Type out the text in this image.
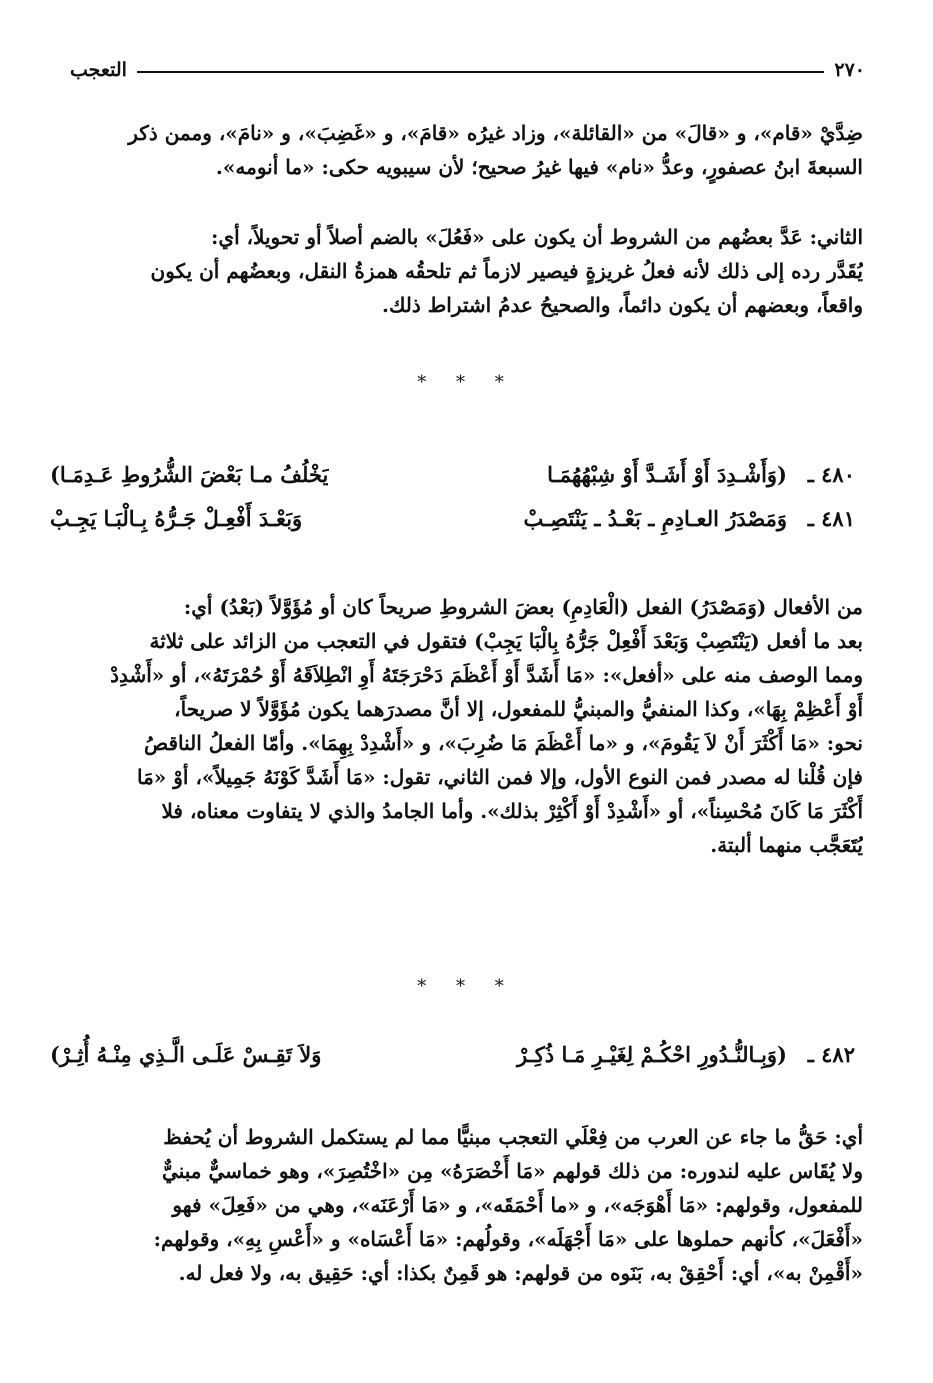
٢٧٠
التعجب
ضِدَّيْ «قام»، و «قالَ» من «القائلة»، وزاد غيرُه «قامَ»، و «غَضِبَ»، و «نامَ»، وممن ذكر
السبعةَ ابنُ عصفورٍ، وعدُّ «نام» فيها غيرُ صحيح؛ لأن سيبويه حكى: «ما أنومه».
الثاني: عَدَّ بعضُهم من الشروط أن يكون على «فَعُلَ» بالضم أصلاً أو تحويلاً، أي:
يُقَدَّر رده إلى ذلك لأنه فعلُ غريزةٍ فيصير لازماً ثم تلحقُه همزةُ النقل، وبعضُهم أن يكون
واقعاً، وبعضهم أن يكون دائماً، والصحيحُ عدمُ اشتراط ذلك.
* * *
٤٨٠ ـ
(وَأَشْـدِدَ أَوْ أَشَـدَّ أَوْ شِبْهُهُمَـا
يَخْلُفُ مـا بَعْضَ الشُّرُوطِ عَـدِمَـا)
٤٨١ ـ
وَمَصْدَرُ العـادِمِ ـ بَعْـدُ ـ يَنْتَصِـبْ
وَبَعْـدَ أَفْعِـلْ جَـرُّهُ بِـالْبَـا يَجِـبْ
من الأفعال (وَمَصْدَرُ) الفعل (الْعَادِمِ) بعضَ الشروطِ صريحاً كان أو مُؤَوَّلاً (بَعْدُ) أي:
بعد ما أفعل (يَنْتَصِبْ وَبَعْدَ أَفْعِلْ جَرُّهُ بِالْبَا يَجِبْ) فتقول في التعجب من الزائد على ثلاثة
ومما الوصف منه على «أفعل»: «مَا أَشَدَّ أَوْ أَعْظَمَ دَحْرَجَتَهُ أَوِ انْطِلاَقَهُ أَوْ حُمْرَتَهُ»، أو «أَشْدِدْ
أَوْ أَعْظِمْ بِهَا»، وكذا المنفيُّ والمبنيُّ للمفعول، إلا أنَّ مصدرَهما يكون مُؤَوَّلاً لا صريحاً،
نحو: «مَا أَكْثَرَ أَنْ لاَ يَقُومَ»، و «ما أَعْظَمَ مَا ضُرِبَ»، و «أَشْدِدْ بِهِمَا». وأمّا الفعلُ الناقصُ
فإن قُلْنا له مصدر فمن النوع الأول، وإلا فمن الثاني، تقول: «مَا أَشَدَّ كَوْنَهُ جَمِيلاً»، أوْ «مَا
أَكْثَرَ مَا كَانَ مُحْسِناً»، أو «أَشْدِدْ أَوْ أَكْثِرْ بذلك». وأما الجامدُ والذي لا يتفاوت معناه، فلا
يُتَعَجَّب منهما ألبتة.
* * *
٤٨٢ ـ
(وَبِـالنُّـدُورِ احْكُـمْ لِغَيْـرِ مَـا ذُكِـرْ
وَلاَ تَقِـسْ عَلَـى الَّـذِي مِنْـهُ أُثِـرْ)
أي: حَقُّ ما جاء عن العرب من فِعْلَي التعجب مبنيًّا مما لم يستكمل الشروط أن يُحفظ
ولا يُقَاس عليه لندوره: من ذلك قولهم «مَا أَخْصَرَهُ» مِن «اخْتُصِرَ»، وهو خماسيٌّ مبنيٌّ
للمفعول، وقولهم: «مَا أَهْوَجَه»، و «ما أَحْمَقَه»، و «مَا أَرْعَنَه»، وهي من «فَعِلَ» فهو
«أَفْعَلَ»، كأنهم حملوها على «مَا أَجْهَلَه»، وقولُهم: «مَا أَعْسَاه» و «أَعْسِ بِهِ»، وقولهم:
«أَقْمِنْ به»، أي: أَحْقِقْ به، بَنَوه من قولهم: هو قَمِنٌ بكذا: أي: حَقِيق به، ولا فعل له.
